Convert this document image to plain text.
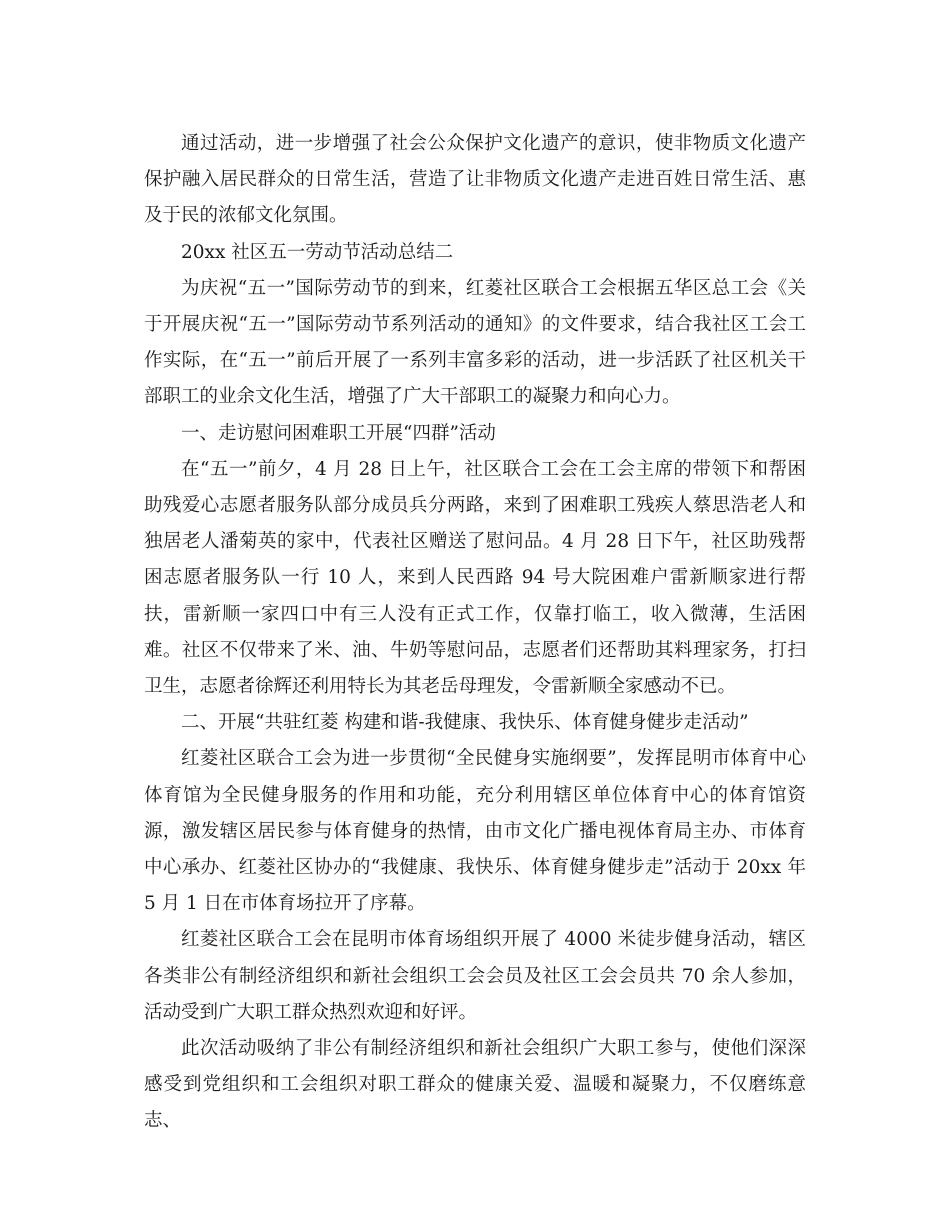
通过活动，进一步增强了社会公众保护文化遗产的意识，使非物质文化遗产保护融入居民群众的日常生活，营造了让非物质文化遗产走进百姓日常生活、惠及于民的浓郁文化氛围。

20xx 社区五一劳动节活动总结二

为庆祝“五一”国际劳动节的到来，红菱社区联合工会根据五华区总工会《关于开展庆祝“五一”国际劳动节系列活动的通知》的文件要求，结合我社区工会工作实际，在“五一”前后开展了一系列丰富多彩的活动，进一步活跃了社区机关干部职工的业余文化生活，增强了广大干部职工的凝聚力和向心力。

一、走访慰问困难职工开展“四群”活动

在“五一”前夕，4 月 28 日上午，社区联合工会在工会主席的带领下和帮困助残爱心志愿者服务队部分成员兵分两路，来到了困难职工残疾人蔡思浩老人和独居老人潘菊英的家中，代表社区赠送了慰问品。4 月 28 日下午，社区助残帮困志愿者服务队一行 10 人，来到人民西路 94 号大院困难户雷新顺家进行帮扶，雷新顺一家四口中有三人没有正式工作，仅靠打临工，收入微薄，生活困难。社区不仅带来了米、油、牛奶等慰问品，志愿者们还帮助其料理家务，打扫卫生，志愿者徐辉还利用特长为其老岳母理发，令雷新顺全家感动不已。

二、开展“共驻红菱 构建和谐-我健康、我快乐、体育健身健步走活动”

红菱社区联合工会为进一步贯彻“全民健身实施纲要”，发挥昆明市体育中心体育馆为全民健身服务的作用和功能，充分利用辖区单位体育中心的体育馆资源，激发辖区居民参与体育健身的热情，由市文化广播电视体育局主办、市体育中心承办、红菱社区协办的“我健康、我快乐、体育健身健步走”活动于 20xx 年 5 月 1 日在市体育场拉开了序幕。

红菱社区联合工会在昆明市体育场组织开展了 4000 米徒步健身活动，辖区各类非公有制经济组织和新社会组织工会会员及社区工会会员共 70 余人参加，活动受到广大职工群众热烈欢迎和好评。

此次活动吸纳了非公有制经济组织和新社会组织广大职工参与，使他们深深感受到党组织和工会组织对职工群众的健康关爱、温暖和凝聚力，不仅磨练意志、
